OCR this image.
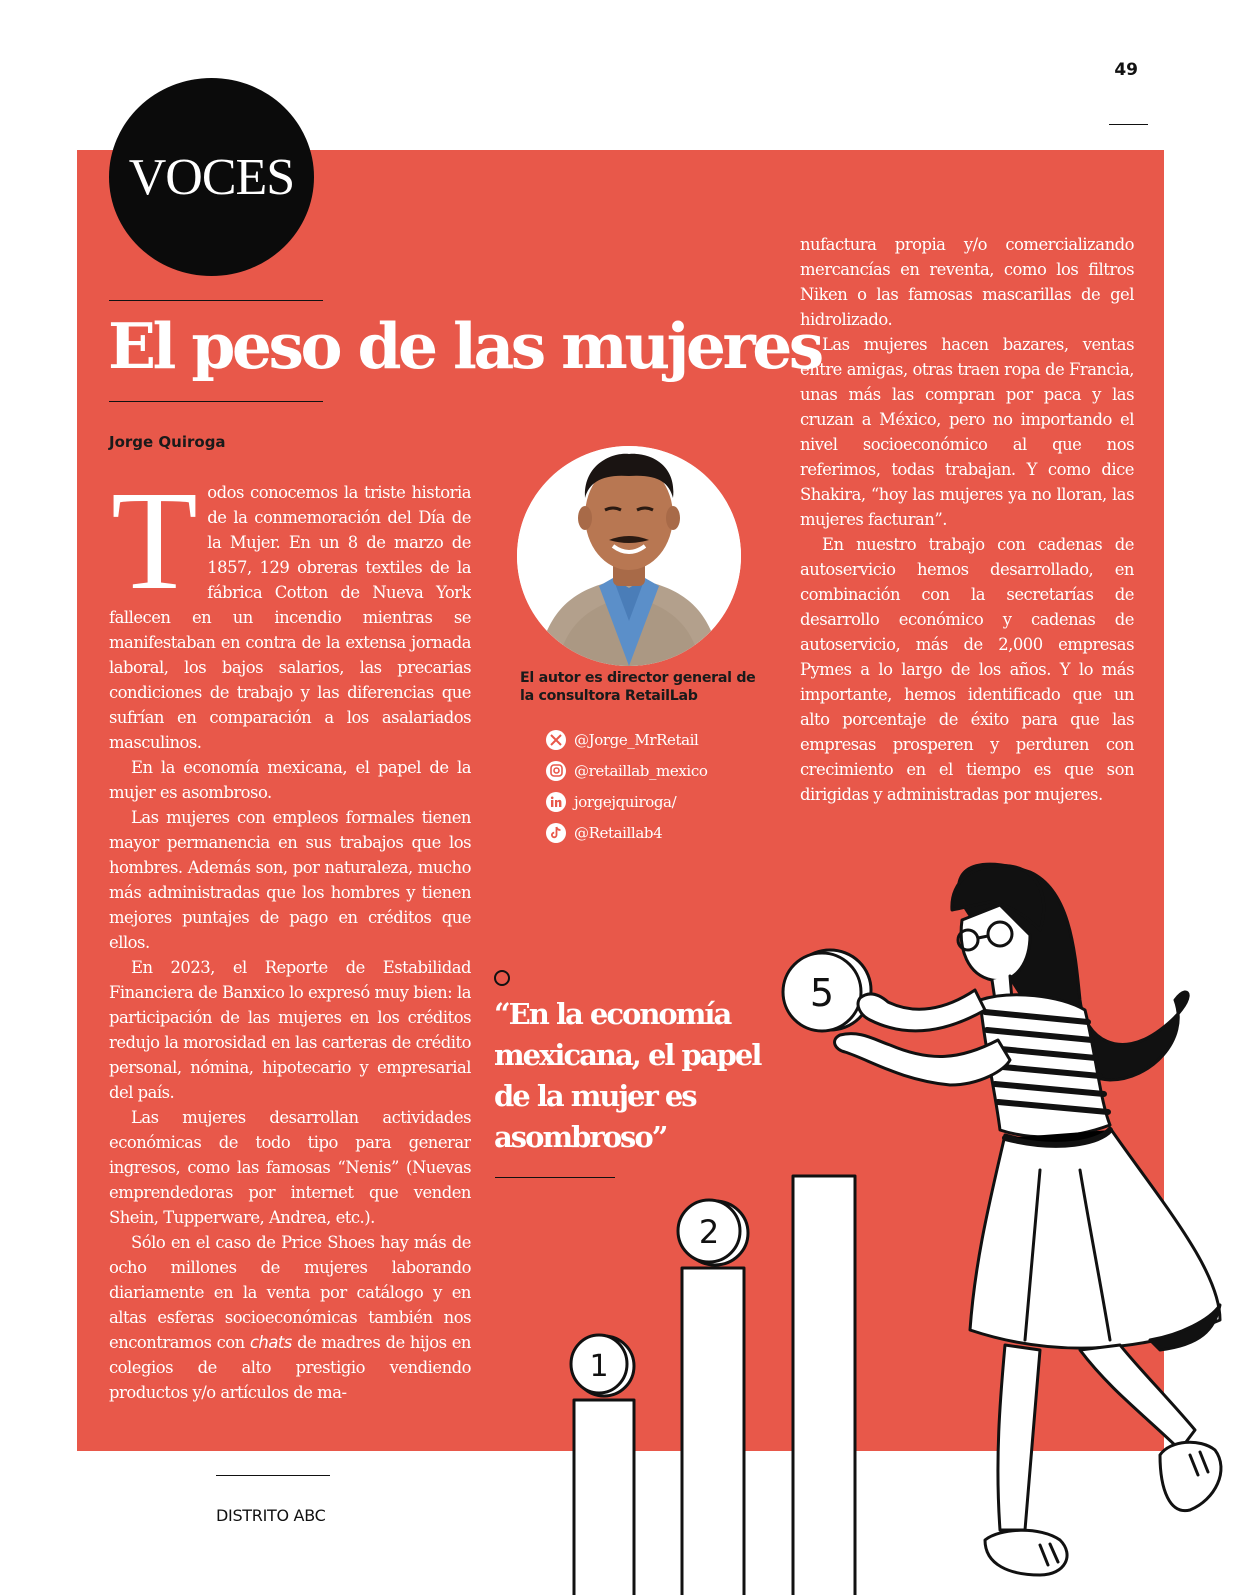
49
VOCES
El peso de las mujeres
Jorge Quiroga

Todos conocemos la triste historia de la conmemoración del Día de la Mujer. En un 8 de marzo de 1857, 129 obreras textiles de la fábrica Cotton de Nueva York fallecen en un incendio mientras se manifestaban en contra de la extensa jornada laboral, los bajos salarios, las precarias condiciones de trabajo y las diferencias que sufrían en comparación a los asalariados masculinos.

En la economía mexicana, el papel de la mujer es asombroso.

Las mujeres con empleos formales tienen mayor permanencia en sus trabajos que los hombres. Además son, por naturaleza, mucho más administradas que los hombres y tienen mejores puntajes de pago en créditos que ellos.

En 2023, el Reporte de Estabilidad Financiera de Banxico lo expresó muy bien: la participación de las mujeres en los créditos redujo la morosidad en las carteras de crédito personal, nómina, hipotecario y empresarial del país.

Las mujeres desarrollan actividades económicas de todo tipo para generar ingresos, como las famosas “Nenis” (Nuevas emprendedoras por internet que venden Shein, Tupperware, Andrea, etc.).

Sólo en el caso de Price Shoes hay más de ocho millones de mujeres laborando diariamente en la venta por catálogo y en altas esferas socioeconómicas también nos encontramos con chats de madres de hijos en colegios de alto prestigio vendiendo productos y/o artículos de ma-

El autor es director general de la consultora RetailLab

@Jorge_MrRetail
@retaillab_mexico
jorgejquiroga/
@Retaillab4

nufactura propia y/o comercializando mercancías en reventa, como los filtros Niken o las famosas mascarillas de gel hidrolizado.

Las mujeres hacen bazares, ventas entre amigas, otras traen ropa de Francia, unas más las compran por paca y las cruzan a México, pero no importando el nivel socioeconómico al que nos referimos, todas trabajan. Y como dice Shakira, “hoy las mujeres ya no lloran, las mujeres facturan”.

En nuestro trabajo con cadenas de autoservicio hemos desarrollado, en combinación con la secretarías de desarrollo económico y cadenas de autoservicio, más de 2,000 empresas Pymes a lo largo de los años. Y lo más importante, hemos identificado que un alto porcentaje de éxito para que las empresas prosperen y perduren con crecimiento en el tiempo es que son dirigidas y administradas por mujeres.

“En la economía mexicana, el papel de la mujer es asombroso”

1
2
5
DISTRITO ABC
